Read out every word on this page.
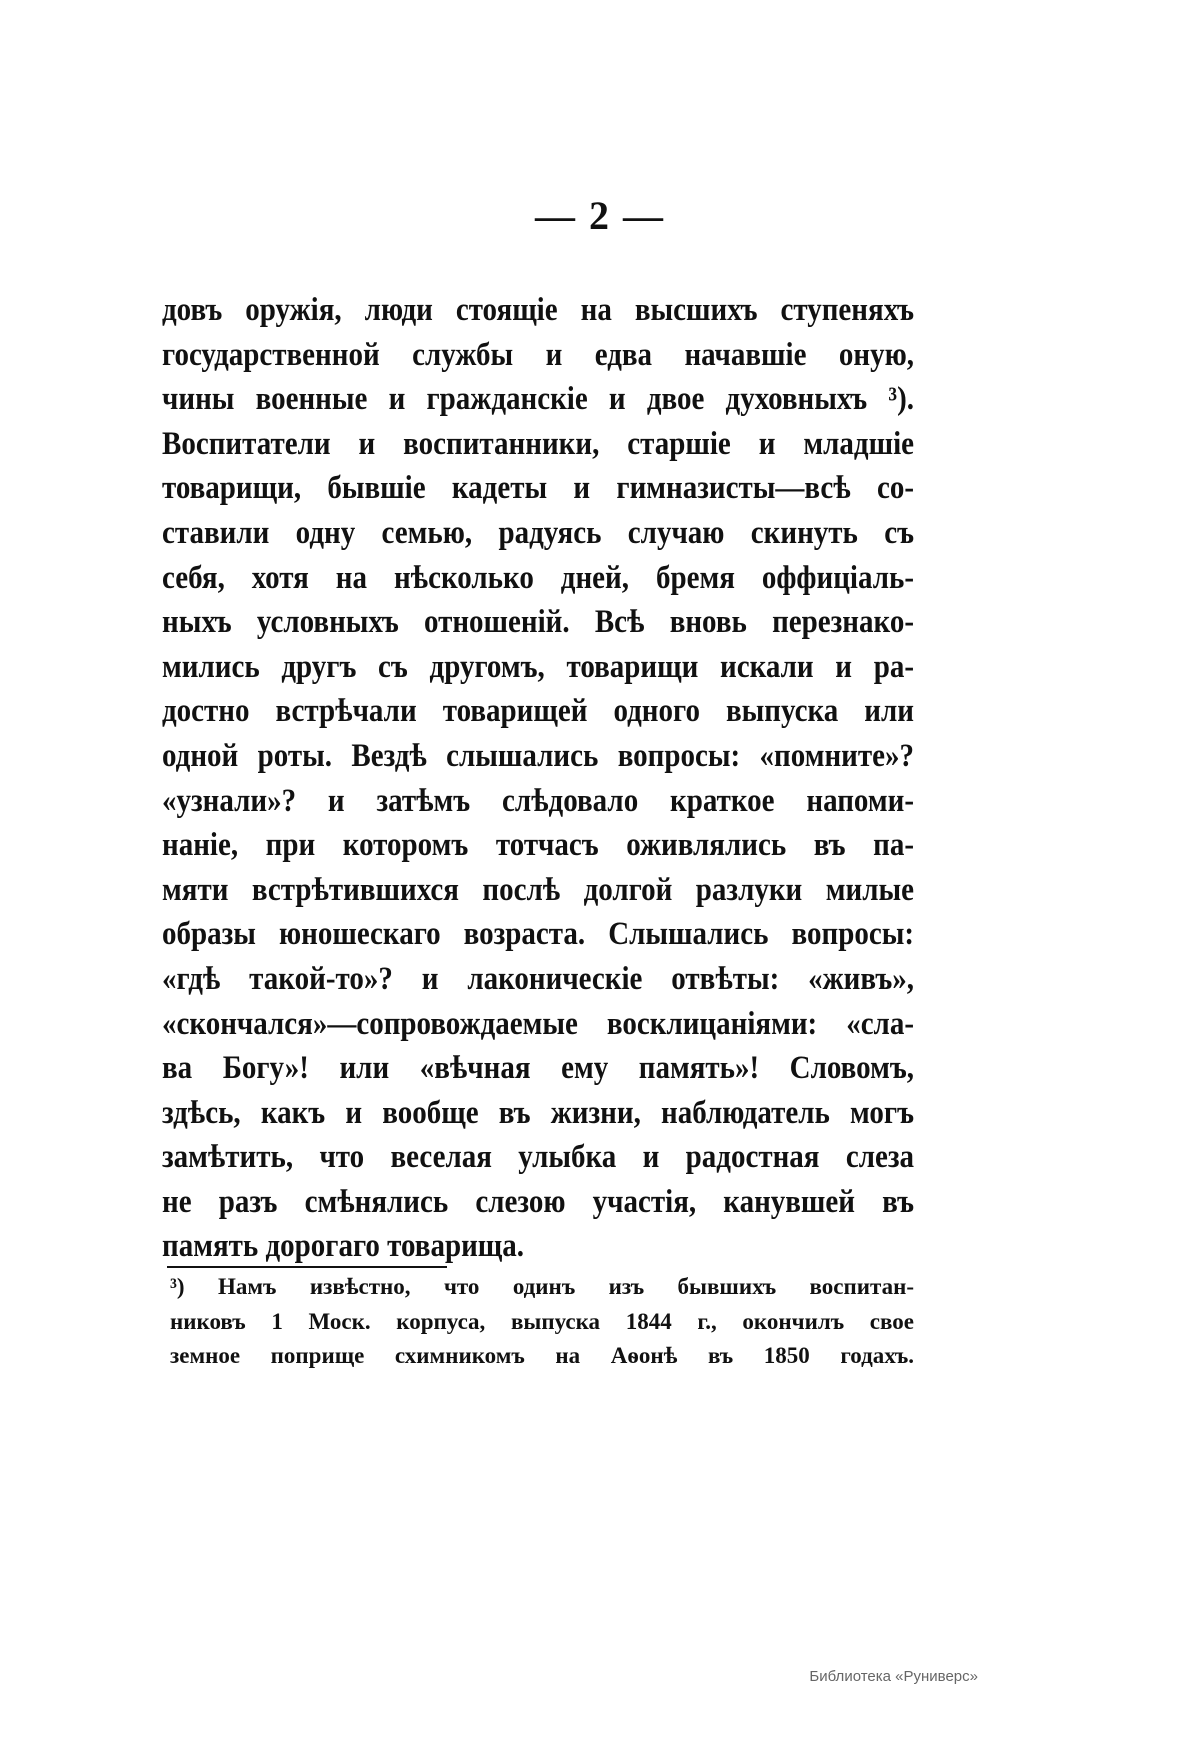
— 2 —
довъ оружія, люди стоящіе на высшихъ ступеняхъ
государственной службы и едва начавшіе оную,
чины военные и гражданскіе и двое духовныхъ ³).
Воспитатели и воспитанники, старшіе и младшіе
товарищи, бывшіе кадеты и гимназисты—всѣ со-
ставили одну семью, радуясь случаю скинуть съ
себя, хотя на нѣсколько дней, бремя оффиціаль-
ныхъ условныхъ отношеній. Всѣ вновь перезнако-
мились другъ съ другомъ, товарищи искали и ра-
достно встрѣчали товарищей одного выпуска или
одной роты. Вездѣ слышались вопросы: «помните»?
«узнали»? и затѣмъ слѣдовало краткое напоми-
наніе, при которомъ тотчасъ оживлялись въ па-
мяти встрѣтившихся послѣ долгой разлуки милые
образы юношескаго возраста. Слышались вопросы:
«гдѣ такой-то»? и лаконическіе отвѣты: «живъ»,
«скончался»—сопровождаемые восклицаніями: «сла-
ва Богу»! или «вѣчная ему память»! Словомъ,
здѣсь, какъ и вообще въ жизни, наблюдатель могъ
замѣтить, что веселая улыбка и радостная слеза
не разъ смѣнялись слезою участія, канувшей въ
память дорогаго товарища.
³) Намъ извѣстно, что одинъ изъ бывшихъ воспитан-
никовъ 1 Моск. корпуса, выпуска 1844 г., окончилъ свое
земное поприще схимникомъ на Аѳонѣ въ 1850 годахъ.
Библиотека «Руниверс»
